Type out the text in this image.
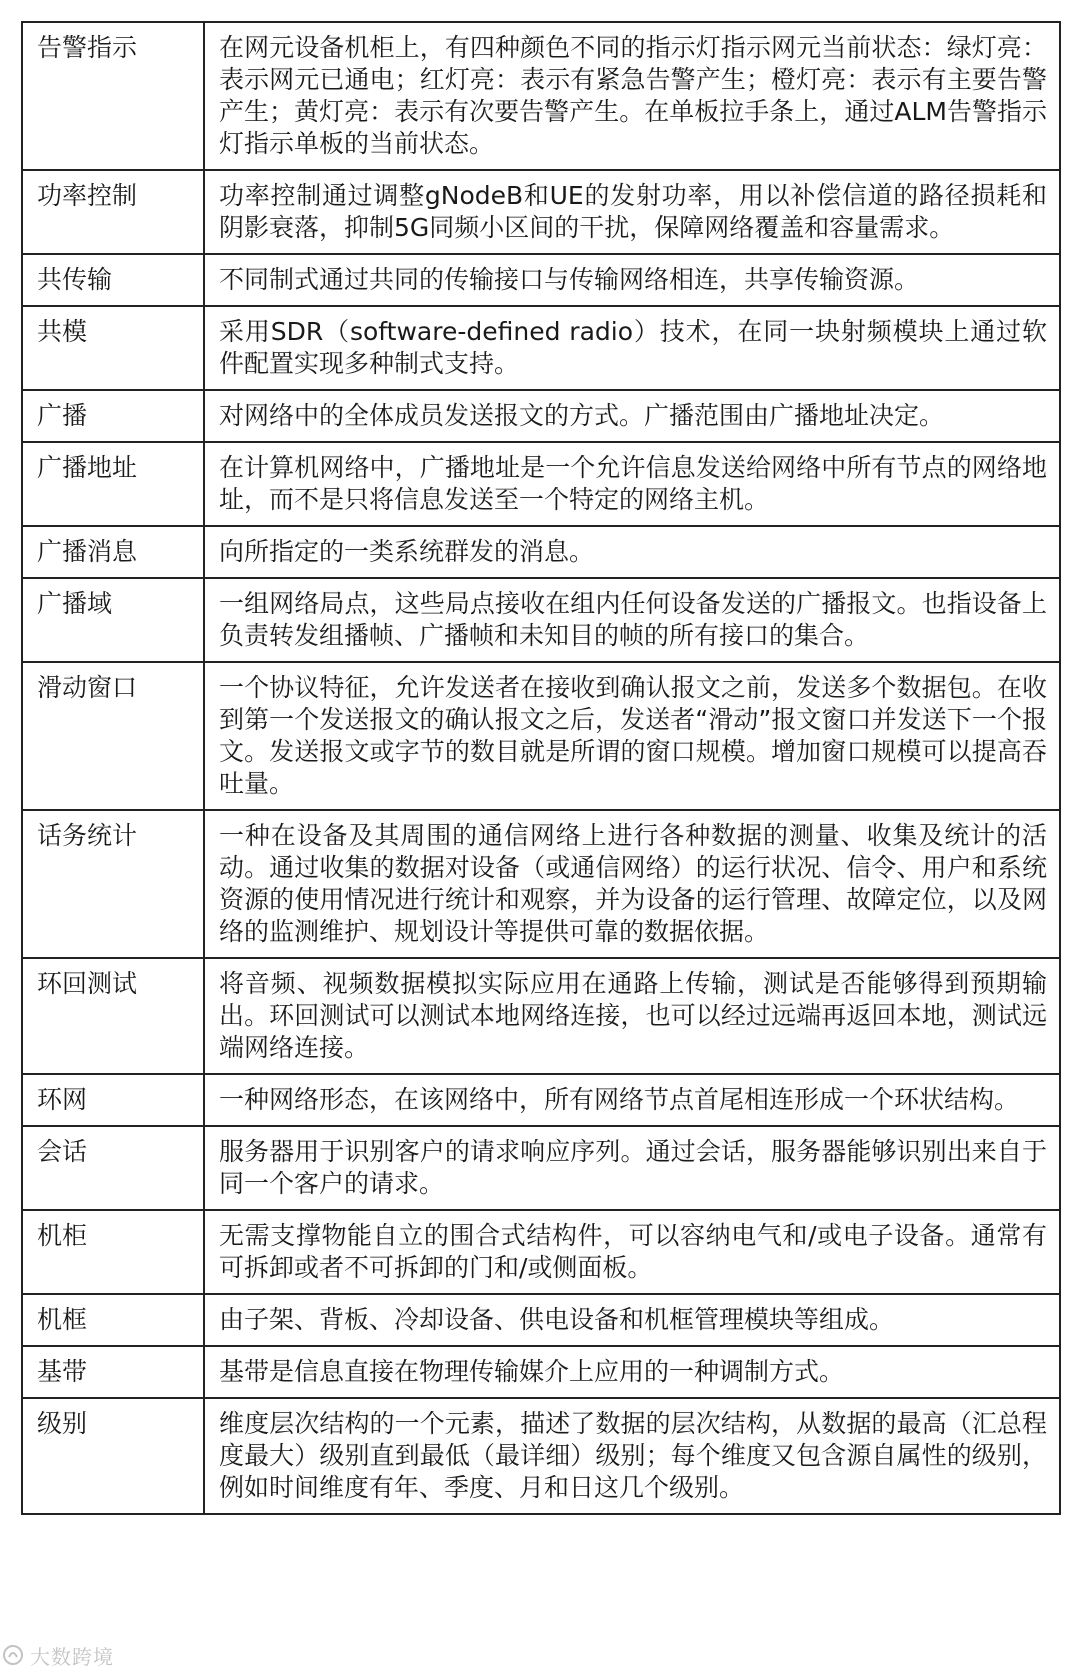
告警指示	在网元设备机柜上，有四种颜色不同的指示灯指示网元当前状态：绿灯亮：表示网元已通电；红灯亮：表示有紧急告警产生；橙灯亮：表示有主要告警产生；黄灯亮：表示有次要告警产生。在单板拉手条上，通过ALM告警指示灯指示单板的当前状态。
功率控制	功率控制通过调整gNodeB和UE的发射功率，用以补偿信道的路径损耗和阴影衰落，抑制5G同频小区间的干扰，保障网络覆盖和容量需求。
共传输	不同制式通过共同的传输接口与传输网络相连，共享传输资源。
共模	采用SDR（software-defined radio）技术，在同一块射频模块上通过软件配置实现多种制式支持。
广播	对网络中的全体成员发送报文的方式。广播范围由广播地址决定。
广播地址	在计算机网络中，广播地址是一个允许信息发送给网络中所有节点的网络地址，而不是只将信息发送至一个特定的网络主机。
广播消息	向所指定的一类系统群发的消息。
广播域	一组网络局点，这些局点接收在组内任何设备发送的广播报文。也指设备上负责转发组播帧、广播帧和未知目的帧的所有接口的集合。
滑动窗口	一个协议特征，允许发送者在接收到确认报文之前，发送多个数据包。在收到第一个发送报文的确认报文之后，发送者“滑动”报文窗口并发送下一个报文。发送报文或字节的数目就是所谓的窗口规模。增加窗口规模可以提高吞吐量。
话务统计	一种在设备及其周围的通信网络上进行各种数据的测量、收集及统计的活动。通过收集的数据对设备（或通信网络）的运行状况、信令、用户和系统资源的使用情况进行统计和观察，并为设备的运行管理、故障定位，以及网络的监测维护、规划设计等提供可靠的数据依据。
环回测试	将音频、视频数据模拟实际应用在通路上传输，测试是否能够得到预期输出。环回测试可以测试本地网络连接，也可以经过远端再返回本地，测试远端网络连接。
环网	一种网络形态，在该网络中，所有网络节点首尾相连形成一个环状结构。
会话	服务器用于识别客户的请求响应序列。通过会话，服务器能够识别出来自于同一个客户的请求。
机柜	无需支撑物能自立的围合式结构件，可以容纳电气和/或电子设备。通常有可拆卸或者不可拆卸的门和/或侧面板。
机框	由子架、背板、冷却设备、供电设备和机框管理模块等组成。
基带	基带是信息直接在物理传输媒介上应用的一种调制方式。
级别	维度层次结构的一个元素，描述了数据的层次结构，从数据的最高（汇总程度最大）级别直到最低（最详细）级别；每个维度又包含源自属性的级别，例如时间维度有年、季度、月和日这几个级别。
大数跨境
